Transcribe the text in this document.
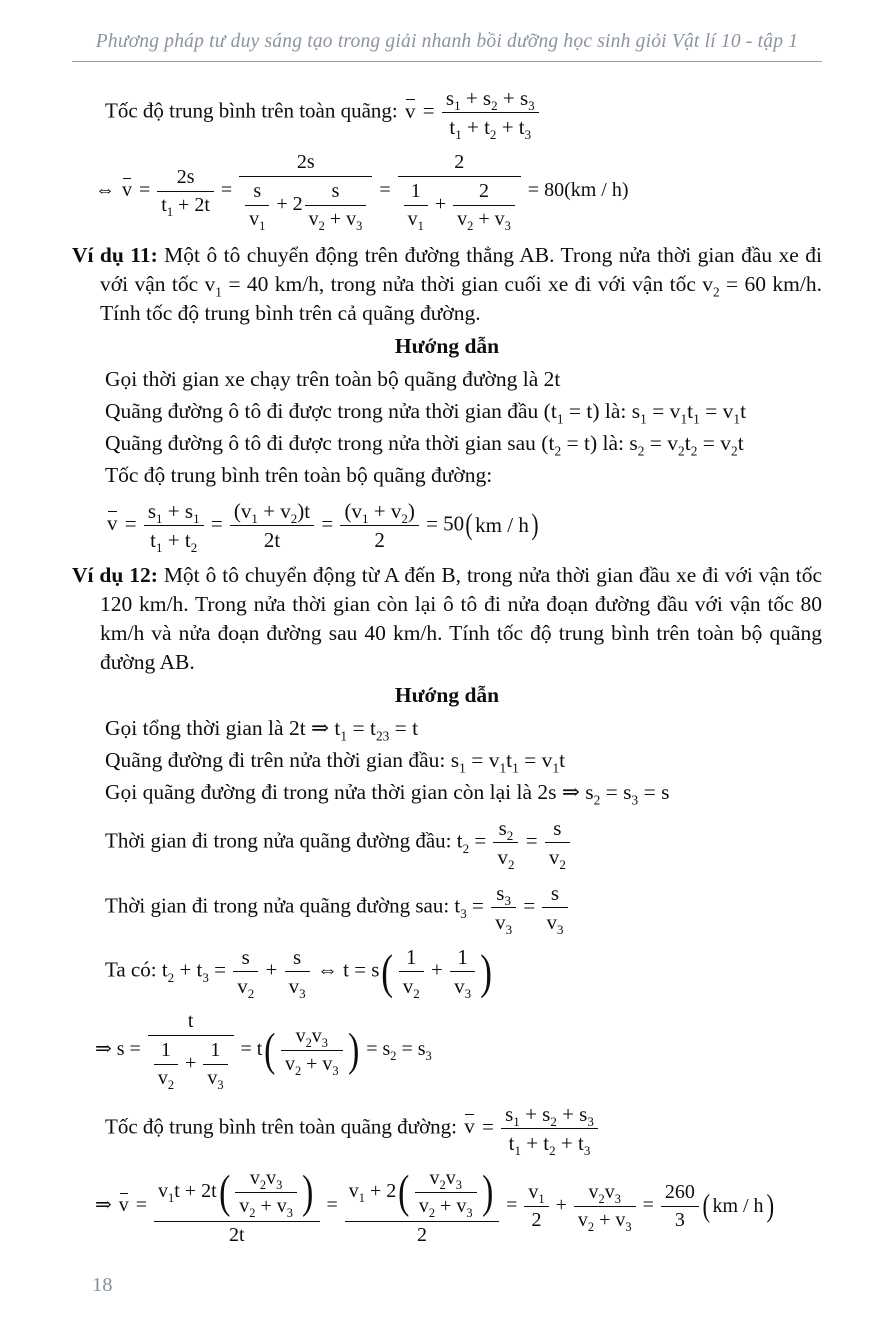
Phương pháp tư duy sáng tạo trong giải nhanh bồi dưỡng học sinh giỏi Vật lí 10 - tập 1
Tốc độ trung bình trên toàn quãng: $v = \frac{s_1 + s_2 + s_3}{t_1 + t_2 + t_3}$
⇔ $v = \frac{2s}{t_1 + 2t} = \frac{2s}{\frac{s}{v_1} + 2 \frac{s}{v_2 + v_3}} = \frac{2}{\frac{1}{v_1} + \frac{2}{v_2 + v_3}} = 80(km / h)$
Ví dụ 11: Một ô tô chuyển động trên đường thẳng AB. Trong nửa thời gian đầu xe đi với vận tốc $v_1 = 40$ km/h, trong nửa thời gian cuối xe đi với vận tốc $v_2 = 60$ km/h. Tính tốc độ trung bình trên cả quãng đường.
Hướng dẫn
Gọi thời gian xe chạy trên toàn bộ quãng đường là 2t
Quãng đường ô tô đi được trong nửa thời gian đầu $(t_1 = t)$ là: $s_1 = v_1t_1 = v_1t$
Quãng đường ô tô đi được trong nửa thời gian sau $(t_2 = t)$ là: $s_2 = v_2t_2 = v_2t$
Tốc độ trung bình trên toàn bộ quãng đường:
$v = \frac{s_1 + s_1}{t_1 + t_2} = \frac{(v_1 + v_2)t}{2t} = \frac{(v_1 + v_2)}{2} = 50$ ( km / h )
Ví dụ 12: Một ô tô chuyển động từ A đến B, trong nửa thời gian đầu xe đi với vận tốc 120 km/h. Trong nửa thời gian còn lại ô tô đi nửa đoạn đường đầu với vận tốc 80 km/h và nửa đoạn đường sau 40 km/h. Tính tốc độ trung bình trên toàn bộ quãng đường AB.
Hướng dẫn
Gọi tổng thời gian là 2t ⇒ $t_1 = t_{23} = t$
Quãng đường đi trên nửa thời gian đầu: $s_1 = v_1t_1 = v_1t$
Gọi quãng đường đi trong nửa thời gian còn lại là 2s ⇒ $s_2 = s_3 = s$
Thời gian đi trong nửa quãng đường đầu: $t_2 = \frac{s_2}{v_2} = \frac{s}{v_2}$
Thời gian đi trong nửa quãng đường sau: $t_3 = \frac{s_3}{v_3} = \frac{s}{v_3}$
Ta có: $t_2 + t_3 = \frac{s}{v_2} + \frac{s}{v_3}$ ⇔ t = s ( $\frac{1}{v_2} + \frac{1}{v_3}$ )
⇒ $s = \frac{t}{\frac{1}{v_2} + \frac{1}{v_3}} = t$ ( $\frac{v_2v_3}{v_2 + v_3}$ ) = $s_2 = s_3$
Tốc độ trung bình trên toàn quãng đường: $v = \frac{s_1 + s_2 + s_3}{t_1 + t_2 + t_3}$
⇒ $v = \frac{v_1t + 2t ( \frac{v_2v_3}{v_2 + v_3} )}{2t} = \frac{v_1 + 2 ( \frac{v_2v_3}{v_2 + v_3} )}{2} = \frac{v_1}{2} + \frac{v_2v_3}{v_2 + v_3} = \frac{260}{3}$ ( km / h )
18
